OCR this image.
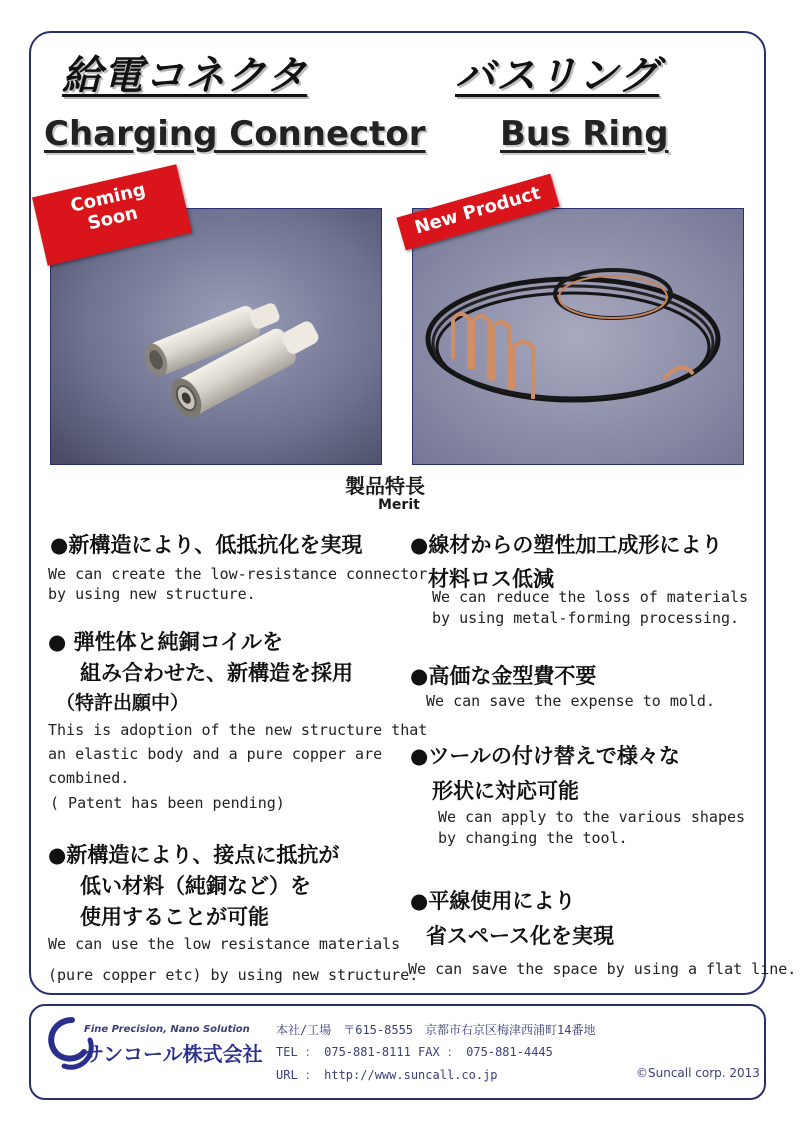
給電コネクタ	バスリング
Charging Connector Bus Ring
Coming Soon	New Product
製品特長
Merit
●新構造により、低抵抗化を実現
We can create the low-resistance connector
by using new structure.
● 弾性体と純銅コイルを
組み合わせた、新構造を採用
（特許出願中）
This is adoption of the new structure that
an elastic body and a pure copper are
combined.
( Patent has been pending)
●新構造により、接点に抵抗が
低い材料（純銅など）を
使用することが可能
We can use the low resistance materials
(pure copper etc) by using new structure.
●線材からの塑性加工成形により
材料ロス低減
We can reduce the loss of materials
by using metal-forming processing.
●高価な金型費不要
We can save the expense to mold.
●ツールの付け替えで様々な
形状に対応可能
We can apply to the various shapes
by changing the tool.
●平線使用により
省スペース化を実現
We can save the space by using a flat line.
Fine Precision, Nano Solution
サンコール株式会社
本社/工場　〒615-8555　京都市右京区梅津西浦町14番地
TEL ： 075-881-8111 FAX ： 075-881-4445
URL ： http://www.suncall.co.jp	©Suncall corp. 2013
